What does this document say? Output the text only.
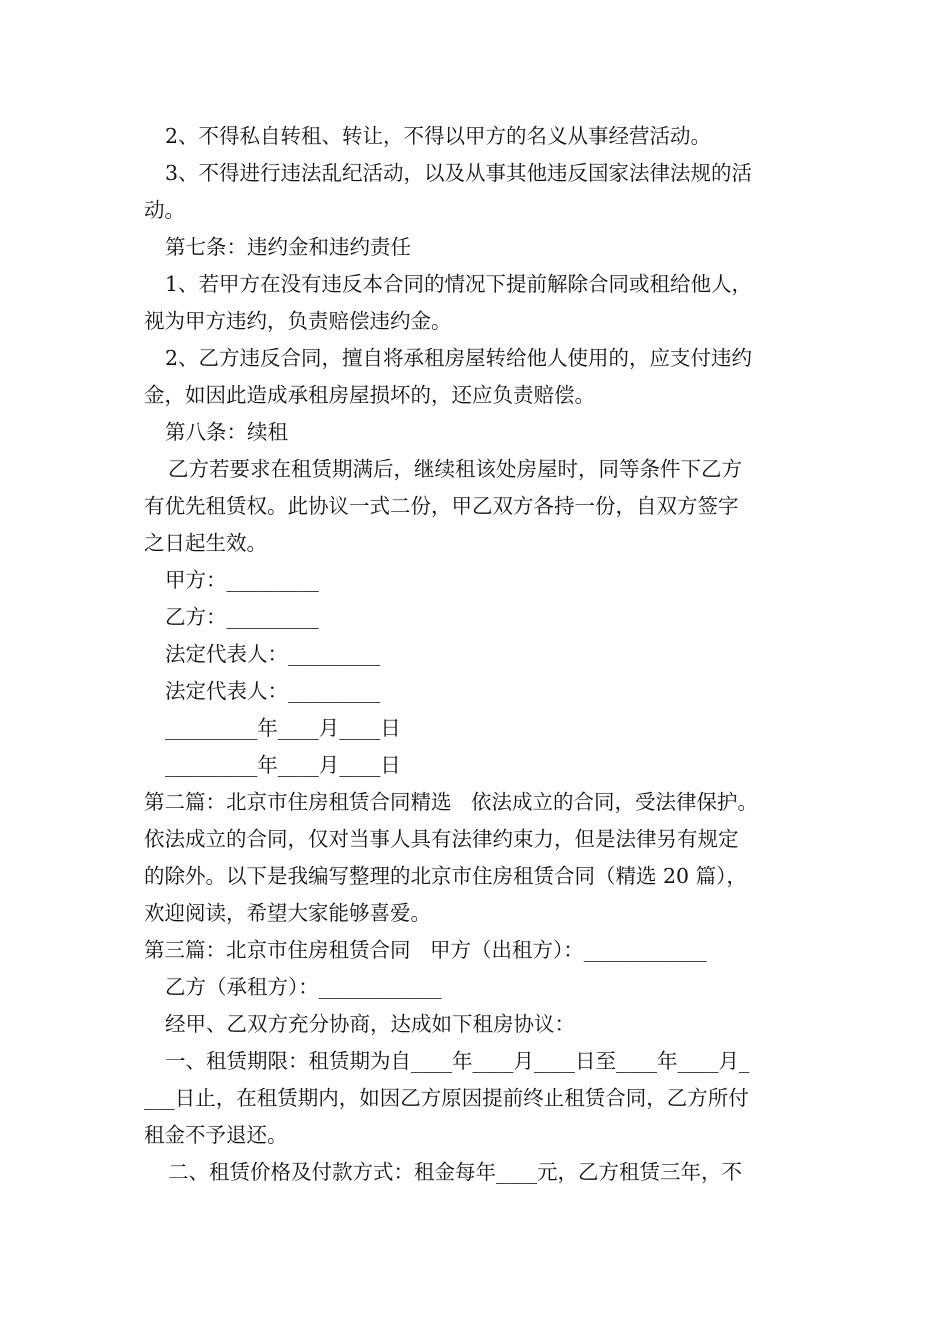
2、不得私自转租、转让，不得以甲方的名义从事经营活动。

3、不得进行违法乱纪活动，以及从事其他违反国家法律法规的活

动。

第七条：违约金和违约责任

1、若甲方在没有违反本合同的情况下提前解除合同或租给他人，

视为甲方违约，负责赔偿违约金。

2、乙方违反合同，擅自将承租房屋转给他人使用的，应支付违约

金，如因此造成承租房屋损坏的，还应负责赔偿。

第八条：续租

乙方若要求在租赁期满后，继续租该处房屋时，同等条件下乙方

有优先租赁权。此协议一式二份，甲乙双方各持一份，自双方签字

之日起生效。

甲方：_________

乙方：_________

法定代表人：_________

法定代表人：_________

_________年____月____日

_________年____月____日

第二篇：北京市住房租赁合同精选   依法成立的合同，受法律保护。

依法成立的合同，仅对当事人具有法律约束力，但是法律另有规定

的除外。以下是我编写整理的北京市住房租赁合同（精选 20 篇），

欢迎阅读，希望大家能够喜爱。

第三篇：北京市住房租赁合同   甲方（出租方）：____________

乙方（承租方）：____________

经甲、乙双方充分协商，达成如下租房协议：

一、租赁期限：租赁期为自____年____月____日至____年____月_

___日止，在租赁期内，如因乙方原因提前终止租赁合同，乙方所付

租金不予退还。

二、租赁价格及付款方式：租金每年____元，乙方租赁三年，不
